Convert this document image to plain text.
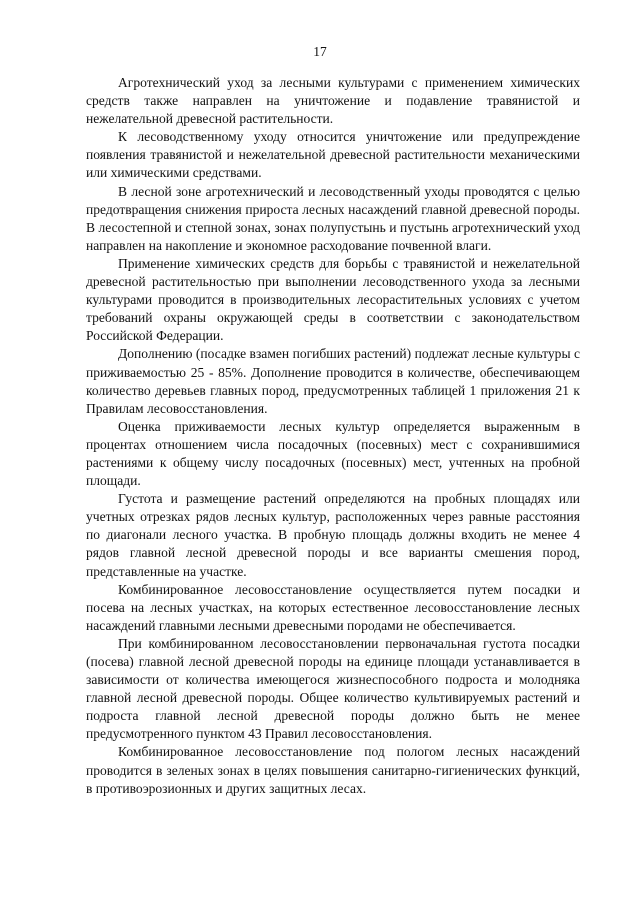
17

Агротехнический уход за лесными культурами с применением химических средств также направлен на уничтожение и подавление травянистой и нежелательной древесной растительности.

К лесоводственному уходу относится уничтожение или предупреждение появления травянистой и нежелательной древесной растительности механическими или химическими средствами.

В лесной зоне агротехнический и лесоводственный уходы проводятся с целью предотвращения снижения прироста лесных насаждений главной древесной породы. В лесостепной и степной зонах, зонах полупустынь и пустынь агротехнический уход направлен на накопление и экономное расходование почвенной влаги.

Применение химических средств для борьбы с травянистой и нежелательной древесной растительностью при выполнении лесоводственного ухода за лесными культурами проводится в производительных лесорастительных условиях с учетом требований охраны окружающей среды в соответствии с законодательством Российской Федерации.

Дополнению (посадке взамен погибших растений) подлежат лесные культуры с приживаемостью 25 - 85%. Дополнение проводится в количестве, обеспечивающем количество деревьев главных пород, предусмотренных таблицей 1 приложения 21 к Правилам лесовосстановления.

Оценка приживаемости лесных культур определяется выраженным в процентах отношением числа посадочных (посевных) мест с сохранившимися растениями к общему числу посадочных (посевных) мест, учтенных на пробной площади.

Густота и размещение растений определяются на пробных площадях или учетных отрезках рядов лесных культур, расположенных через равные расстояния по диагонали лесного участка. В пробную площадь должны входить не менее 4 рядов главной лесной древесной породы и все варианты смешения пород, представленные на участке.

Комбинированное лесовосстановление осуществляется путем посадки и посева на лесных участках, на которых естественное лесовосстановление лесных насаждений главными лесными древесными породами не обеспечивается.

При комбинированном лесовосстановлении первоначальная густота посадки (посева) главной лесной древесной породы на единице площади устанавливается в зависимости от количества имеющегося жизнеспособного подроста и молодняка главной лесной древесной породы. Общее количество культивируемых растений и подроста главной лесной древесной породы должно быть не менее предусмотренного пунктом 43 Правил лесовосстановления.

Комбинированное лесовосстановление под пологом лесных насаждений проводится в зеленых зонах в целях повышения санитарно-гигиенических функций, в противоэрозионных и других защитных лесах.
